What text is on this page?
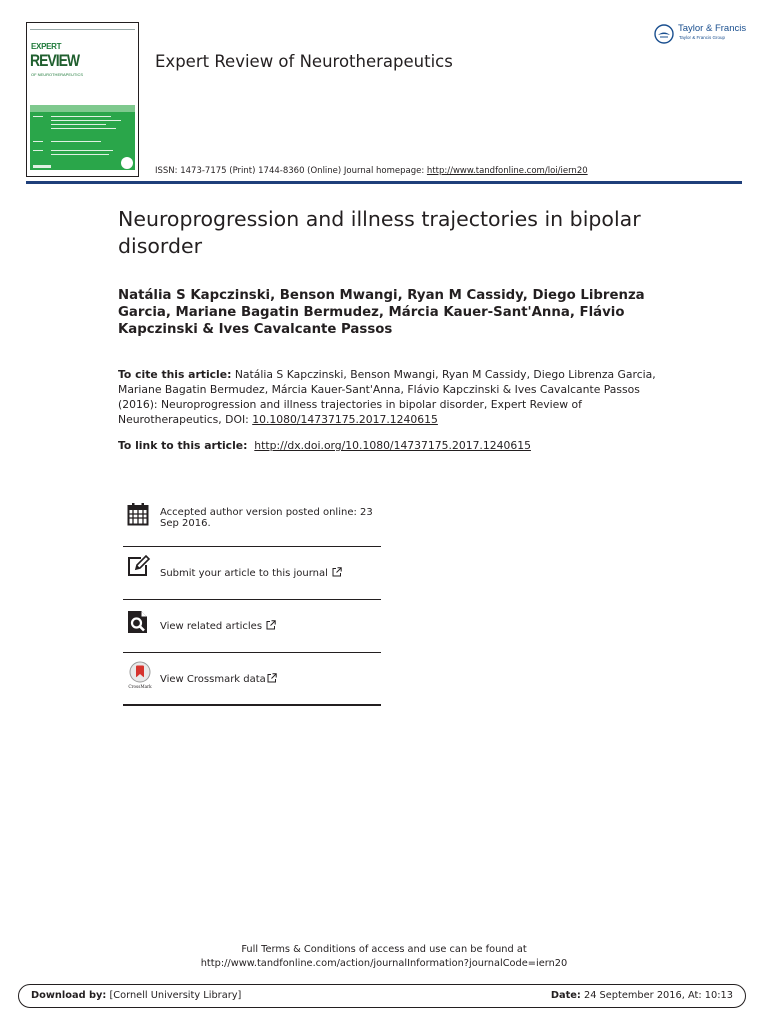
EXPERT
REVIEW
OF NEUROTHERAPEUTICS
Expert Review of Neurotherapeutics
ISSN: 1473-7175 (Print) 1744-8360 (Online) Journal homepage: http://www.tandfonline.com/loi/iern20
Taylor & Francis
Taylor & Francis Group
Neuroprogression and illness trajectories in bipolar disorder
Natália S Kapczinski, Benson Mwangi, Ryan M Cassidy, Diego Librenza Garcia, Mariane Bagatin Bermudez, Márcia Kauer-Sant'Anna, Flávio Kapczinski & Ives Cavalcante Passos
To cite this article: Natália S Kapczinski, Benson Mwangi, Ryan M Cassidy, Diego Librenza Garcia, Mariane Bagatin Bermudez, Márcia Kauer-Sant'Anna, Flávio Kapczinski & Ives Cavalcante Passos (2016): Neuroprogression and illness trajectories in bipolar disorder, Expert Review of Neurotherapeutics, DOI: 10.1080/14737175.2017.1240615
To link to this article: http://dx.doi.org/10.1080/14737175.2017.1240615
Accepted author version posted online: 23 Sep 2016.
Submit your article to this journal
View related articles
CrossMark
View Crossmark data
Full Terms & Conditions of access and use can be found at
http://www.tandfonline.com/action/journalInformation?journalCode=iern20
Download by: [Cornell University Library]	Date: 24 September 2016, At: 10:13
